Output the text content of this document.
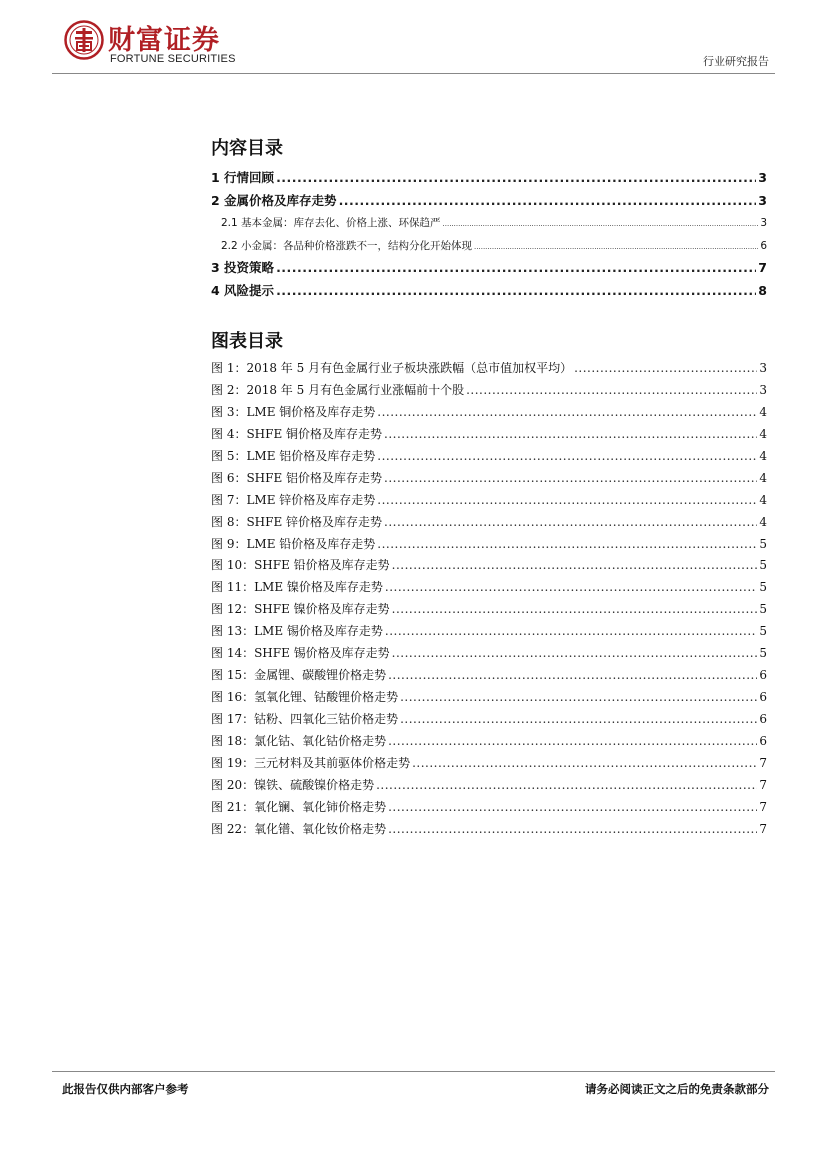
财富证券
FORTUNE SECURITIES	行业研究报告
内容目录
1 行情回顾 .....	3
2 金属价格及库存走势 .....	3
2.1 基本金属：库存去化、价格上涨、环保趋严 .....	3
2.2 小金属：各品种价格涨跌不一，结构分化开始体现 .....	6
3 投资策略 .....	7
4 风险提示 .....	8
图表目录
图 1：2018 年 5 月有色金属行业子板块涨跌幅（总市值加权平均） .....	3
图 2：2018 年 5 月有色金属行业涨幅前十个股 .....	3
图 3：LME 铜价格及库存走势 .....	4
图 4：SHFE 铜价格及库存走势 .....	4
图 5：LME 铝价格及库存走势 .....	4
图 6：SHFE 铝价格及库存走势 .....	4
图 7：LME 锌价格及库存走势 .....	4
图 8：SHFE 锌价格及库存走势 .....	4
图 9：LME 铅价格及库存走势 .....	5
图 10：SHFE 铅价格及库存走势 .....	5
图 11：LME 镍价格及库存走势 .....	5
图 12：SHFE 镍价格及库存走势 .....	5
图 13：LME 锡价格及库存走势 .....	5
图 14：SHFE 锡价格及库存走势 .....	5
图 15：金属锂、碳酸锂价格走势 .....	6
图 16：氢氧化锂、钴酸锂价格走势 .....	6
图 17：钴粉、四氧化三钴价格走势 .....	6
图 18：氯化钴、氧化钴价格走势 .....	6
图 19：三元材料及其前驱体价格走势 .....	7
图 20：镍铁、硫酸镍价格走势 .....	7
图 21：氧化镧、氧化铈价格走势 .....	7
图 22：氧化镨、氧化钕价格走势 .....	7
此报告仅供内部客户参考	请务必阅读正文之后的免责条款部分
